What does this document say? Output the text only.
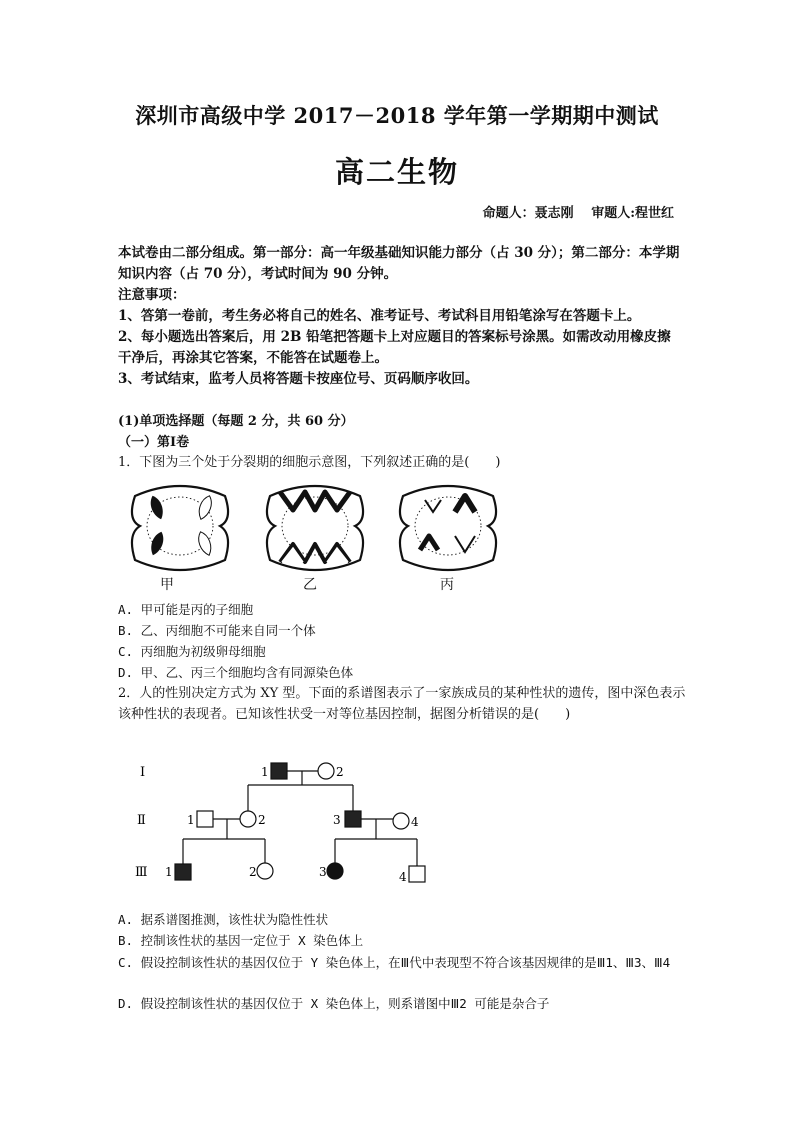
深圳市高级中学 2017－2018 学年第一学期期中测试
高二生物
命题人：聂志刚　 审题人:程世红

本试卷由二部分组成。第一部分：高一年级基础知识能力部分（占 30 分）；第二部分：本学期知识内容（占 70 分），考试时间为 90 分钟。

注意事项：

1、答第一卷前，考生务必将自己的姓名、准考证号、考试科目用铅笔涂写在答题卡上。

2、每小题选出答案后，用 2B 铅笔把答题卡上对应题目的答案标号涂黑。如需改动用橡皮擦干净后，再涂其它答案，不能答在试题卷上。

3、考试结束，监考人员将答题卡按座位号、页码顺序收回。

(1)单项选择题（每题 2 分，共 60 分）
（一）第Ⅰ卷
1．下图为三个处于分裂期的细胞示意图，下列叙述正确的是(　　)
甲	乙	丙
A. 甲可能是丙的子细胞
B. 乙、丙细胞不可能来自同一个体
C. 丙细胞为初级卵母细胞
D. 甲、乙、丙三个细胞均含有同源染色体
2．人的性别决定方式为 XY 型。下面的系谱图表示了一家族成员的某种性状的遗传，图中深色表示该种性状的表现者。已知该性状受一对等位基因控制，据图分析错误的是(　　)
Ⅰ
Ⅱ
Ⅲ
1	2
1	2	3	4
1	2	3	4
A. 据系谱图推测，该性状为隐性性状
B. 控制该性状的基因一定位于 X 染色体上
C. 假设控制该性状的基因仅位于 Y 染色体上，在Ⅲ代中表现型不符合该基因规律的是Ⅲ1、Ⅲ3、Ⅲ4
D. 假设控制该性状的基因仅位于 X 染色体上，则系谱图中Ⅲ2 可能是杂合子
